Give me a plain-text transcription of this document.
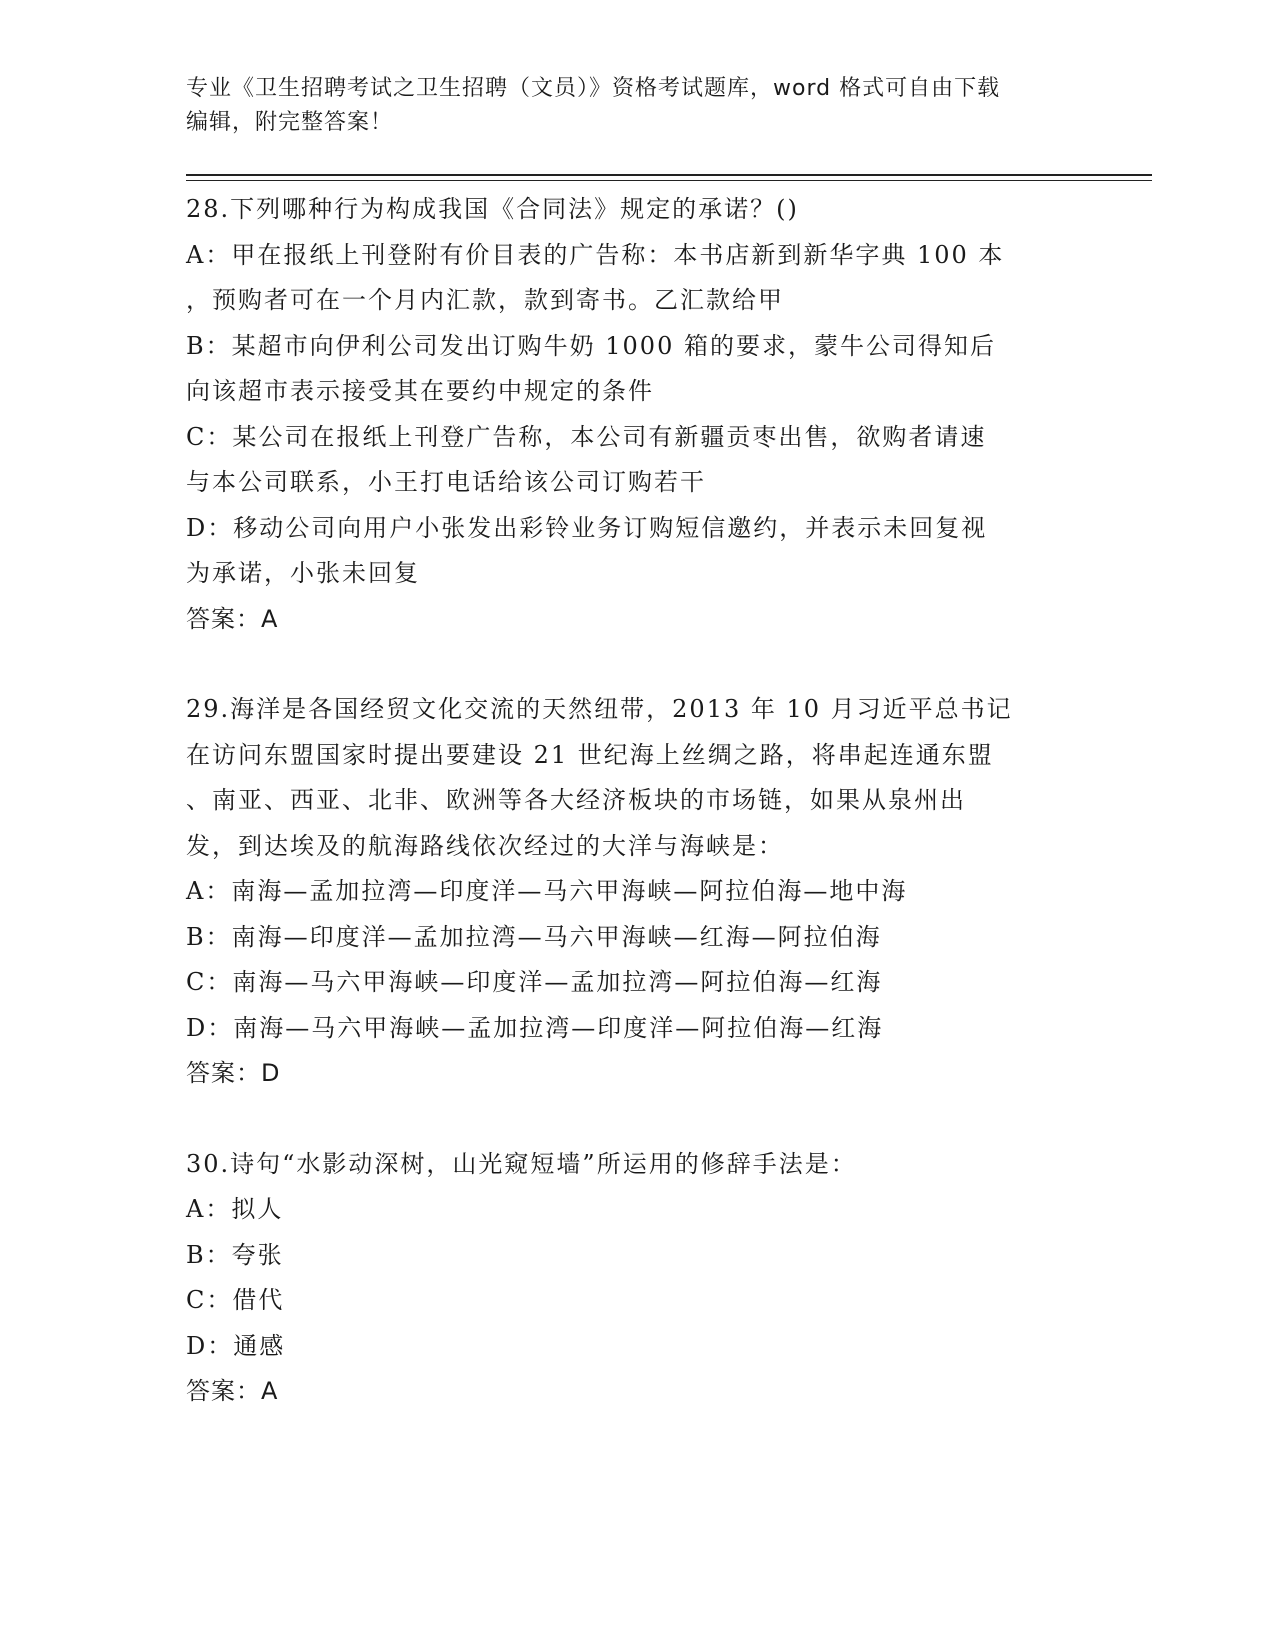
专业《卫生招聘考试之卫生招聘（文员）》资格考试题库，word 格式可自由下载
编辑，附完整答案！
28.下列哪种行为构成我国《合同法》规定的承诺？()
A：甲在报纸上刊登附有价目表的广告称：本书店新到新华字典 100 本
，预购者可在一个月内汇款，款到寄书。乙汇款给甲
B：某超市向伊利公司发出订购牛奶 1000 箱的要求，蒙牛公司得知后
向该超市表示接受其在要约中规定的条件
C：某公司在报纸上刊登广告称，本公司有新疆贡枣出售，欲购者请速
与本公司联系，小王打电话给该公司订购若干
D：移动公司向用户小张发出彩铃业务订购短信邀约，并表示未回复视
为承诺，小张未回复
答案：A
29.海洋是各国经贸文化交流的天然纽带，2013 年 10 月习近平总书记
在访问东盟国家时提出要建设 21 世纪海上丝绸之路，将串起连通东盟
、南亚、西亚、北非、欧洲等各大经济板块的市场链，如果从泉州出
发，到达埃及的航海路线依次经过的大洋与海峡是：
A：南海—孟加拉湾—印度洋—马六甲海峡—阿拉伯海—地中海
B：南海—印度洋—孟加拉湾—马六甲海峡—红海—阿拉伯海
C：南海—马六甲海峡—印度洋—孟加拉湾—阿拉伯海—红海
D：南海—马六甲海峡—孟加拉湾—印度洋—阿拉伯海—红海
答案：D
30.诗句“水影动深树，山光窥短墙”所运用的修辞手法是：
A：拟人
B：夸张
C：借代
D：通感
答案：A
